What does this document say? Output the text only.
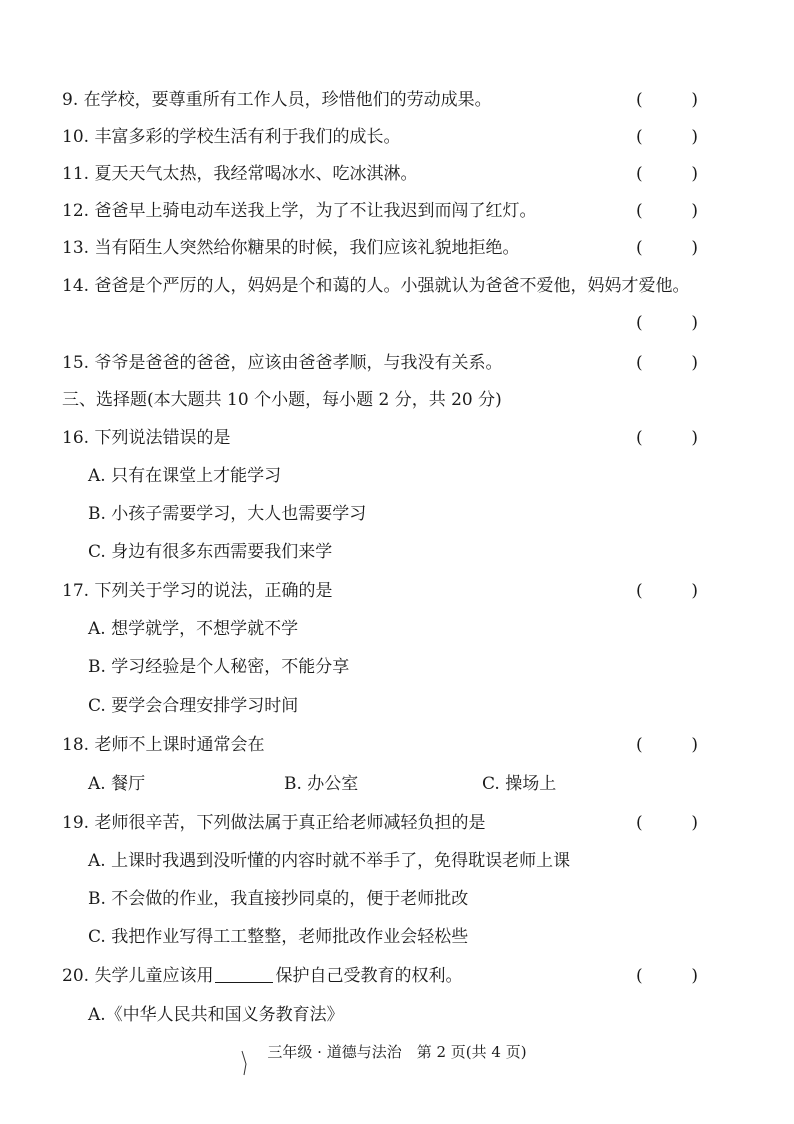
9. 在学校，要尊重所有工作人员，珍惜他们的劳动成果。	(	)
10. 丰富多彩的学校生活有利于我们的成长。	(	)
11. 夏天天气太热，我经常喝冰水、吃冰淇淋。	(	)
12. 爸爸早上骑电动车送我上学，为了不让我迟到而闯了红灯。	(	)
13. 当有陌生人突然给你糖果的时候，我们应该礼貌地拒绝。	(	)
14. 爸爸是个严厉的人，妈妈是个和蔼的人。小强就认为爸爸不爱他，妈妈才爱他。
(	)
15. 爷爷是爸爸的爸爸，应该由爸爸孝顺，与我没有关系。	(	)
三、选择题(本大题共 10 个小题，每小题 2 分，共 20 分)
16. 下列说法错误的是	(	)
A. 只有在课堂上才能学习
B. 小孩子需要学习，大人也需要学习
C. 身边有很多东西需要我们来学
17. 下列关于学习的说法，正确的是	(	)
A. 想学就学，不想学就不学
B. 学习经验是个人秘密，不能分享
C. 要学会合理安排学习时间
18. 老师不上课时通常会在	(	)
A. 餐厅	B. 办公室	C. 操场上
19. 老师很辛苦，下列做法属于真正给老师减轻负担的是	(	)
A. 上课时我遇到没听懂的内容时就不举手了，免得耽误老师上课
B. 不会做的作业，我直接抄同桌的，便于老师批改
C. 我把作业写得工工整整，老师批改作业会轻松些
20. 失学儿童应该用	保护自己受教育的权利。	(	)
A.《中华人民共和国义务教育法》
三年级 · 道德与法治　第 2 页(共 4 页)
